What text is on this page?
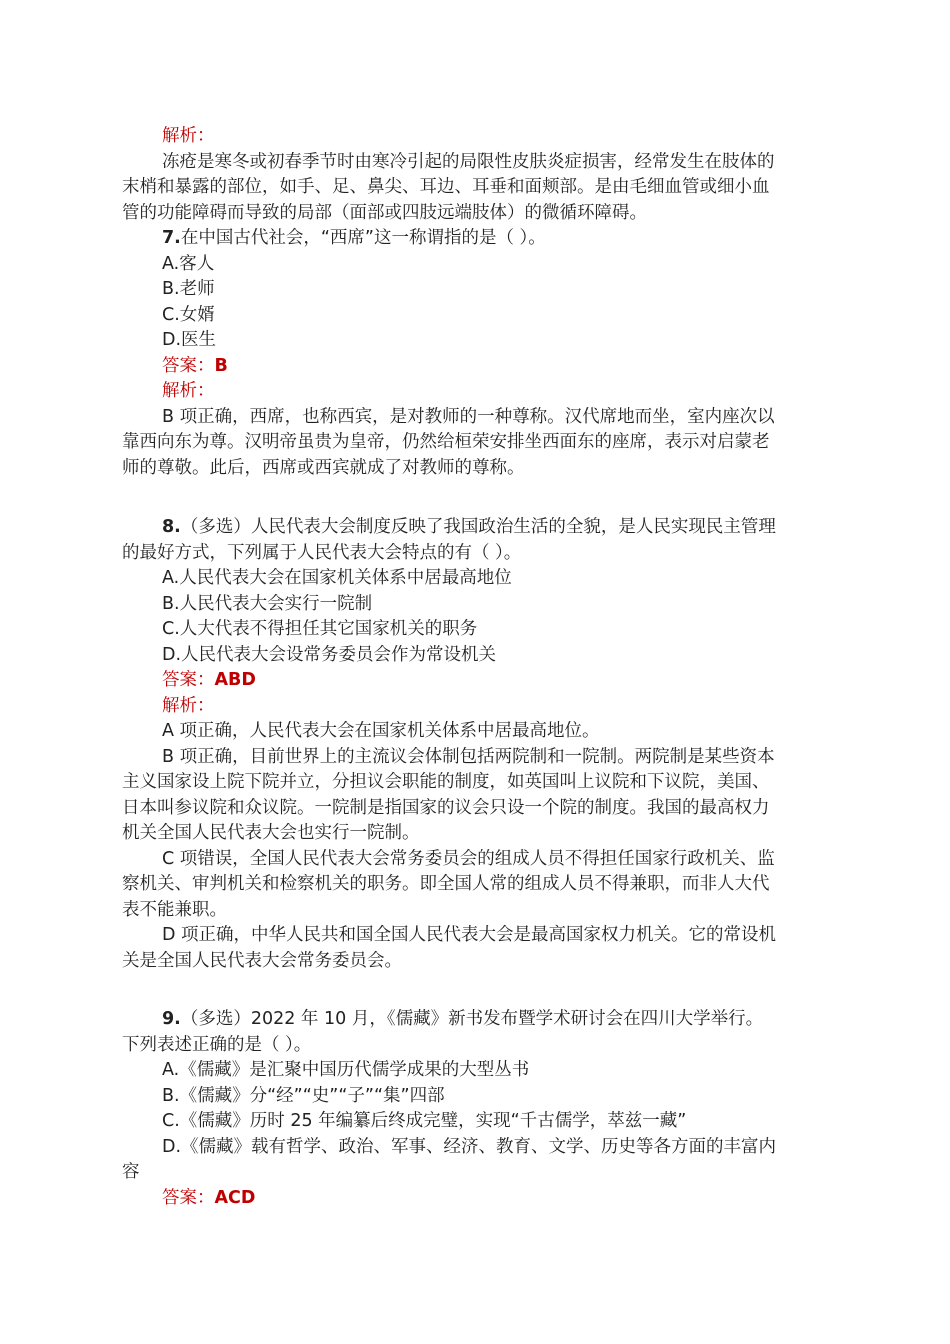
解析：
冻疮是寒冬或初春季节时由寒冷引起的局限性皮肤炎症损害，经常发生在肢体的
末梢和暴露的部位，如手、足、鼻尖、耳边、耳垂和面颊部。是由毛细血管或细小血
管的功能障碍而导致的局部（面部或四肢远端肢体）的微循环障碍。
7.在中国古代社会，“西席”这一称谓指的是（ ）。
A.客人
B.老师
C.女婿
D.医生
答案：B
解析：
B 项正确，西席，也称西宾，是对教师的一种尊称。汉代席地而坐，室内座次以
靠西向东为尊。汉明帝虽贵为皇帝，仍然给桓荣安排坐西面东的座席，表示对启蒙老
师的尊敬。此后，西席或西宾就成了对教师的尊称。
8.（多选）人民代表大会制度反映了我国政治生活的全貌，是人民实现民主管理
的最好方式，下列属于人民代表大会特点的有（ ）。
A.人民代表大会在国家机关体系中居最高地位
B.人民代表大会实行一院制
C.人大代表不得担任其它国家机关的职务
D.人民代表大会设常务委员会作为常设机关
答案：ABD
解析：
A 项正确，人民代表大会在国家机关体系中居最高地位。
B 项正确，目前世界上的主流议会体制包括两院制和一院制。两院制是某些资本
主义国家设上院下院并立，分担议会职能的制度，如英国叫上议院和下议院，美国、
日本叫参议院和众议院。一院制是指国家的议会只设一个院的制度。我国的最高权力
机关全国人民代表大会也实行一院制。
C 项错误，全国人民代表大会常务委员会的组成人员不得担任国家行政机关、监
察机关、审判机关和检察机关的职务。即全国人常的组成人员不得兼职，而非人大代
表不能兼职。
D 项正确，中华人民共和国全国人民代表大会是最高国家权力机关。它的常设机
关是全国人民代表大会常务委员会。
9.（多选）2022 年 10 月，《儒藏》新书发布暨学术研讨会在四川大学举行。
下列表述正确的是（ ）。
A.《儒藏》是汇聚中国历代儒学成果的大型丛书
B.《儒藏》分“经”“史”“子”“集”四部
C.《儒藏》历时 25 年编纂后终成完璧，实现“千古儒学，萃兹一藏”
D.《儒藏》载有哲学、政治、军事、经济、教育、文学、历史等各方面的丰富内
容
答案：ACD
